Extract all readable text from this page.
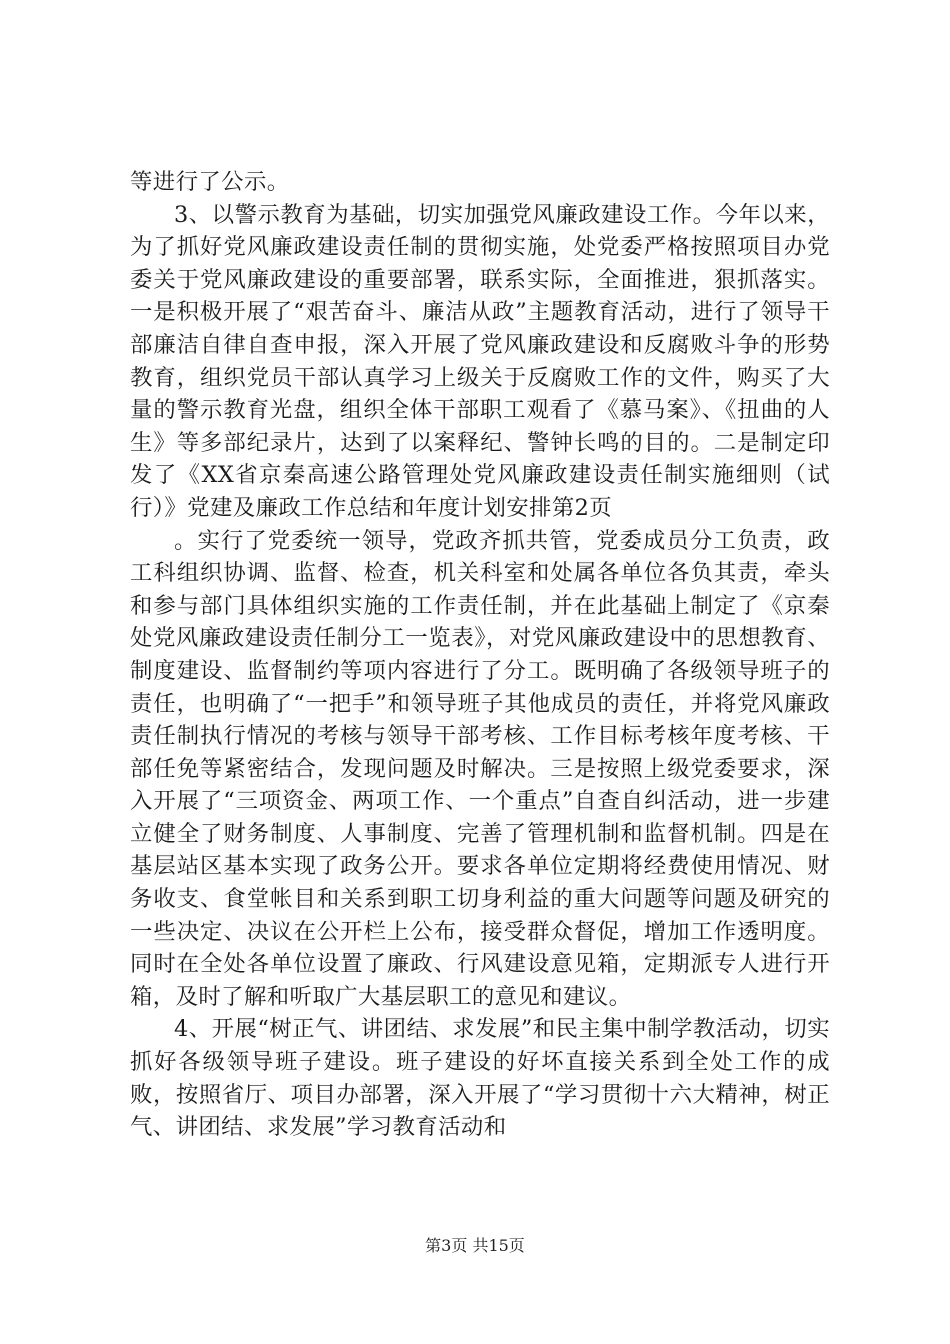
等进行了公示。

3、以警示教育为基础，切实加强党风廉政建设工作。今年以来，为了抓好党风廉政建设责任制的贯彻实施，处党委严格按照项目办党委关于党风廉政建设的重要部署，联系实际，全面推进，狠抓落实。一是积极开展了“艰苦奋斗、廉洁从政”主题教育活动，进行了领导干部廉洁自律自查申报，深入开展了党风廉政建设和反腐败斗争的形势教育，组织党员干部认真学习上级关于反腐败工作的文件，购买了大量的警示教育光盘，组织全体干部职工观看了《慕马案》、《扭曲的人生》等多部纪录片，达到了以案释纪、警钟长鸣的目的。二是制定印发了《XX省京秦高速公路管理处党风廉政建设责任制实施细则（试行）》党建及廉政工作总结和年度计划安排第2页

。实行了党委统一领导，党政齐抓共管，党委成员分工负责，政工科组织协调、监督、检查，机关科室和处属各单位各负其责，牵头和参与部门具体组织实施的工作责任制，并在此基础上制定了《京秦处党风廉政建设责任制分工一览表》，对党风廉政建设中的思想教育、制度建设、监督制约等项内容进行了分工。既明确了各级领导班子的责任，也明确了“一把手”和领导班子其他成员的责任，并将党风廉政责任制执行情况的考核与领导干部考核、工作目标考核年度考核、干部任免等紧密结合，发现问题及时解决。三是按照上级党委要求，深入开展了“三项资金、两项工作、一个重点”自查自纠活动，进一步建立健全了财务制度、人事制度、完善了管理机制和监督机制。四是在基层站区基本实现了政务公开。要求各单位定期将经费使用情况、财务收支、食堂帐目和关系到职工切身利益的重大问题等问题及研究的一些决定、决议在公开栏上公布，接受群众督促，增加工作透明度。同时在全处各单位设置了廉政、行风建设意见箱，定期派专人进行开箱，及时了解和听取广大基层职工的意见和建议。

4、开展“树正气、讲团结、求发展”和民主集中制学教活动，切实抓好各级领导班子建设。班子建设的好坏直接关系到全处工作的成败，按照省厅、项目办部署，深入开展了“学习贯彻十六大精神，树正气、讲团结、求发展”学习教育活动和

第3页 共15页
